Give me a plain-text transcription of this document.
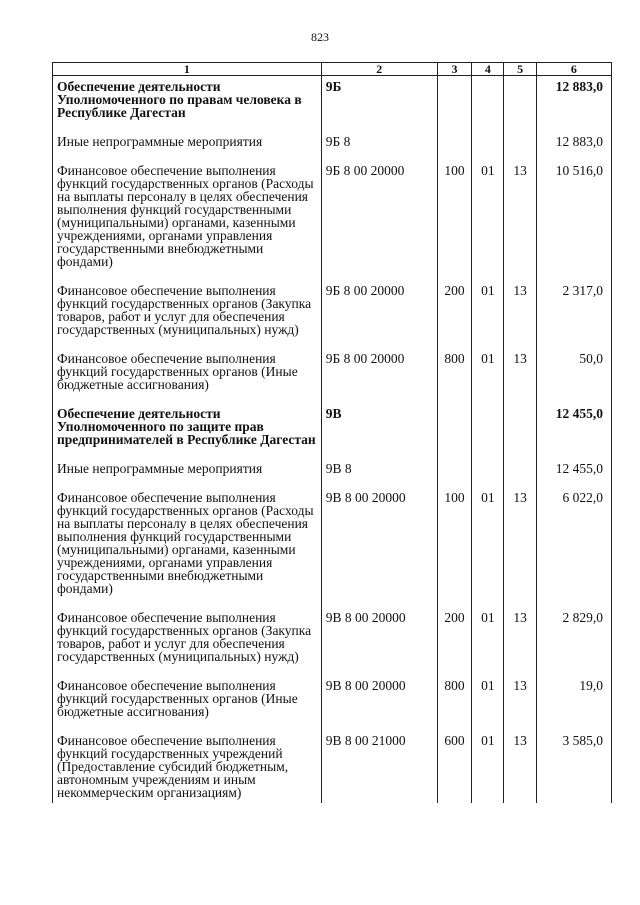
823
1	2	3	4	5	6
Обеспечение деятельности Уполномоченного по правам человека в Республике Дагестан	9Б				12 883,0
Иные непрограммные мероприятия	9Б 8				12 883,0
Финансовое обеспечение выполнения функций государственных органов (Расходы на выплаты персоналу в целях обеспечения выполнения функций государственными (муниципальными) органами, казенными учреждениями, органами управления государственными внебюджетными фондами)	9Б 8 00 20000	100	01	13	10 516,0
Финансовое обеспечение выполнения функций государственных органов (Закупка товаров, работ и услуг для обеспечения государственных (муниципальных) нужд)	9Б 8 00 20000	200	01	13	2 317,0
Финансовое обеспечение выполнения функций государственных органов (Иные бюджетные ассигнования)	9Б 8 00 20000	800	01	13	50,0
Обеспечение деятельности Уполномоченного по защите прав предпринимателей в Республике Дагестан	9В				12 455,0
Иные непрограммные мероприятия	9В 8				12 455,0
Финансовое обеспечение выполнения функций государственных органов (Расходы на выплаты персоналу в целях обеспечения выполнения функций государственными (муниципальными) органами, казенными учреждениями, органами управления государственными внебюджетными фондами)	9В 8 00 20000	100	01	13	6 022,0
Финансовое обеспечение выполнения функций государственных органов (Закупка товаров, работ и услуг для обеспечения государственных (муниципальных) нужд)	9В 8 00 20000	200	01	13	2 829,0
Финансовое обеспечение выполнения функций государственных органов (Иные бюджетные ассигнования)	9В 8 00 20000	800	01	13	19,0
Финансовое обеспечение выполнения функций государственных учреждений (Предоставление субсидий бюджетным, автономным учреждениям и иным некоммерческим организациям)	9В 8 00 21000	600	01	13	3 585,0
